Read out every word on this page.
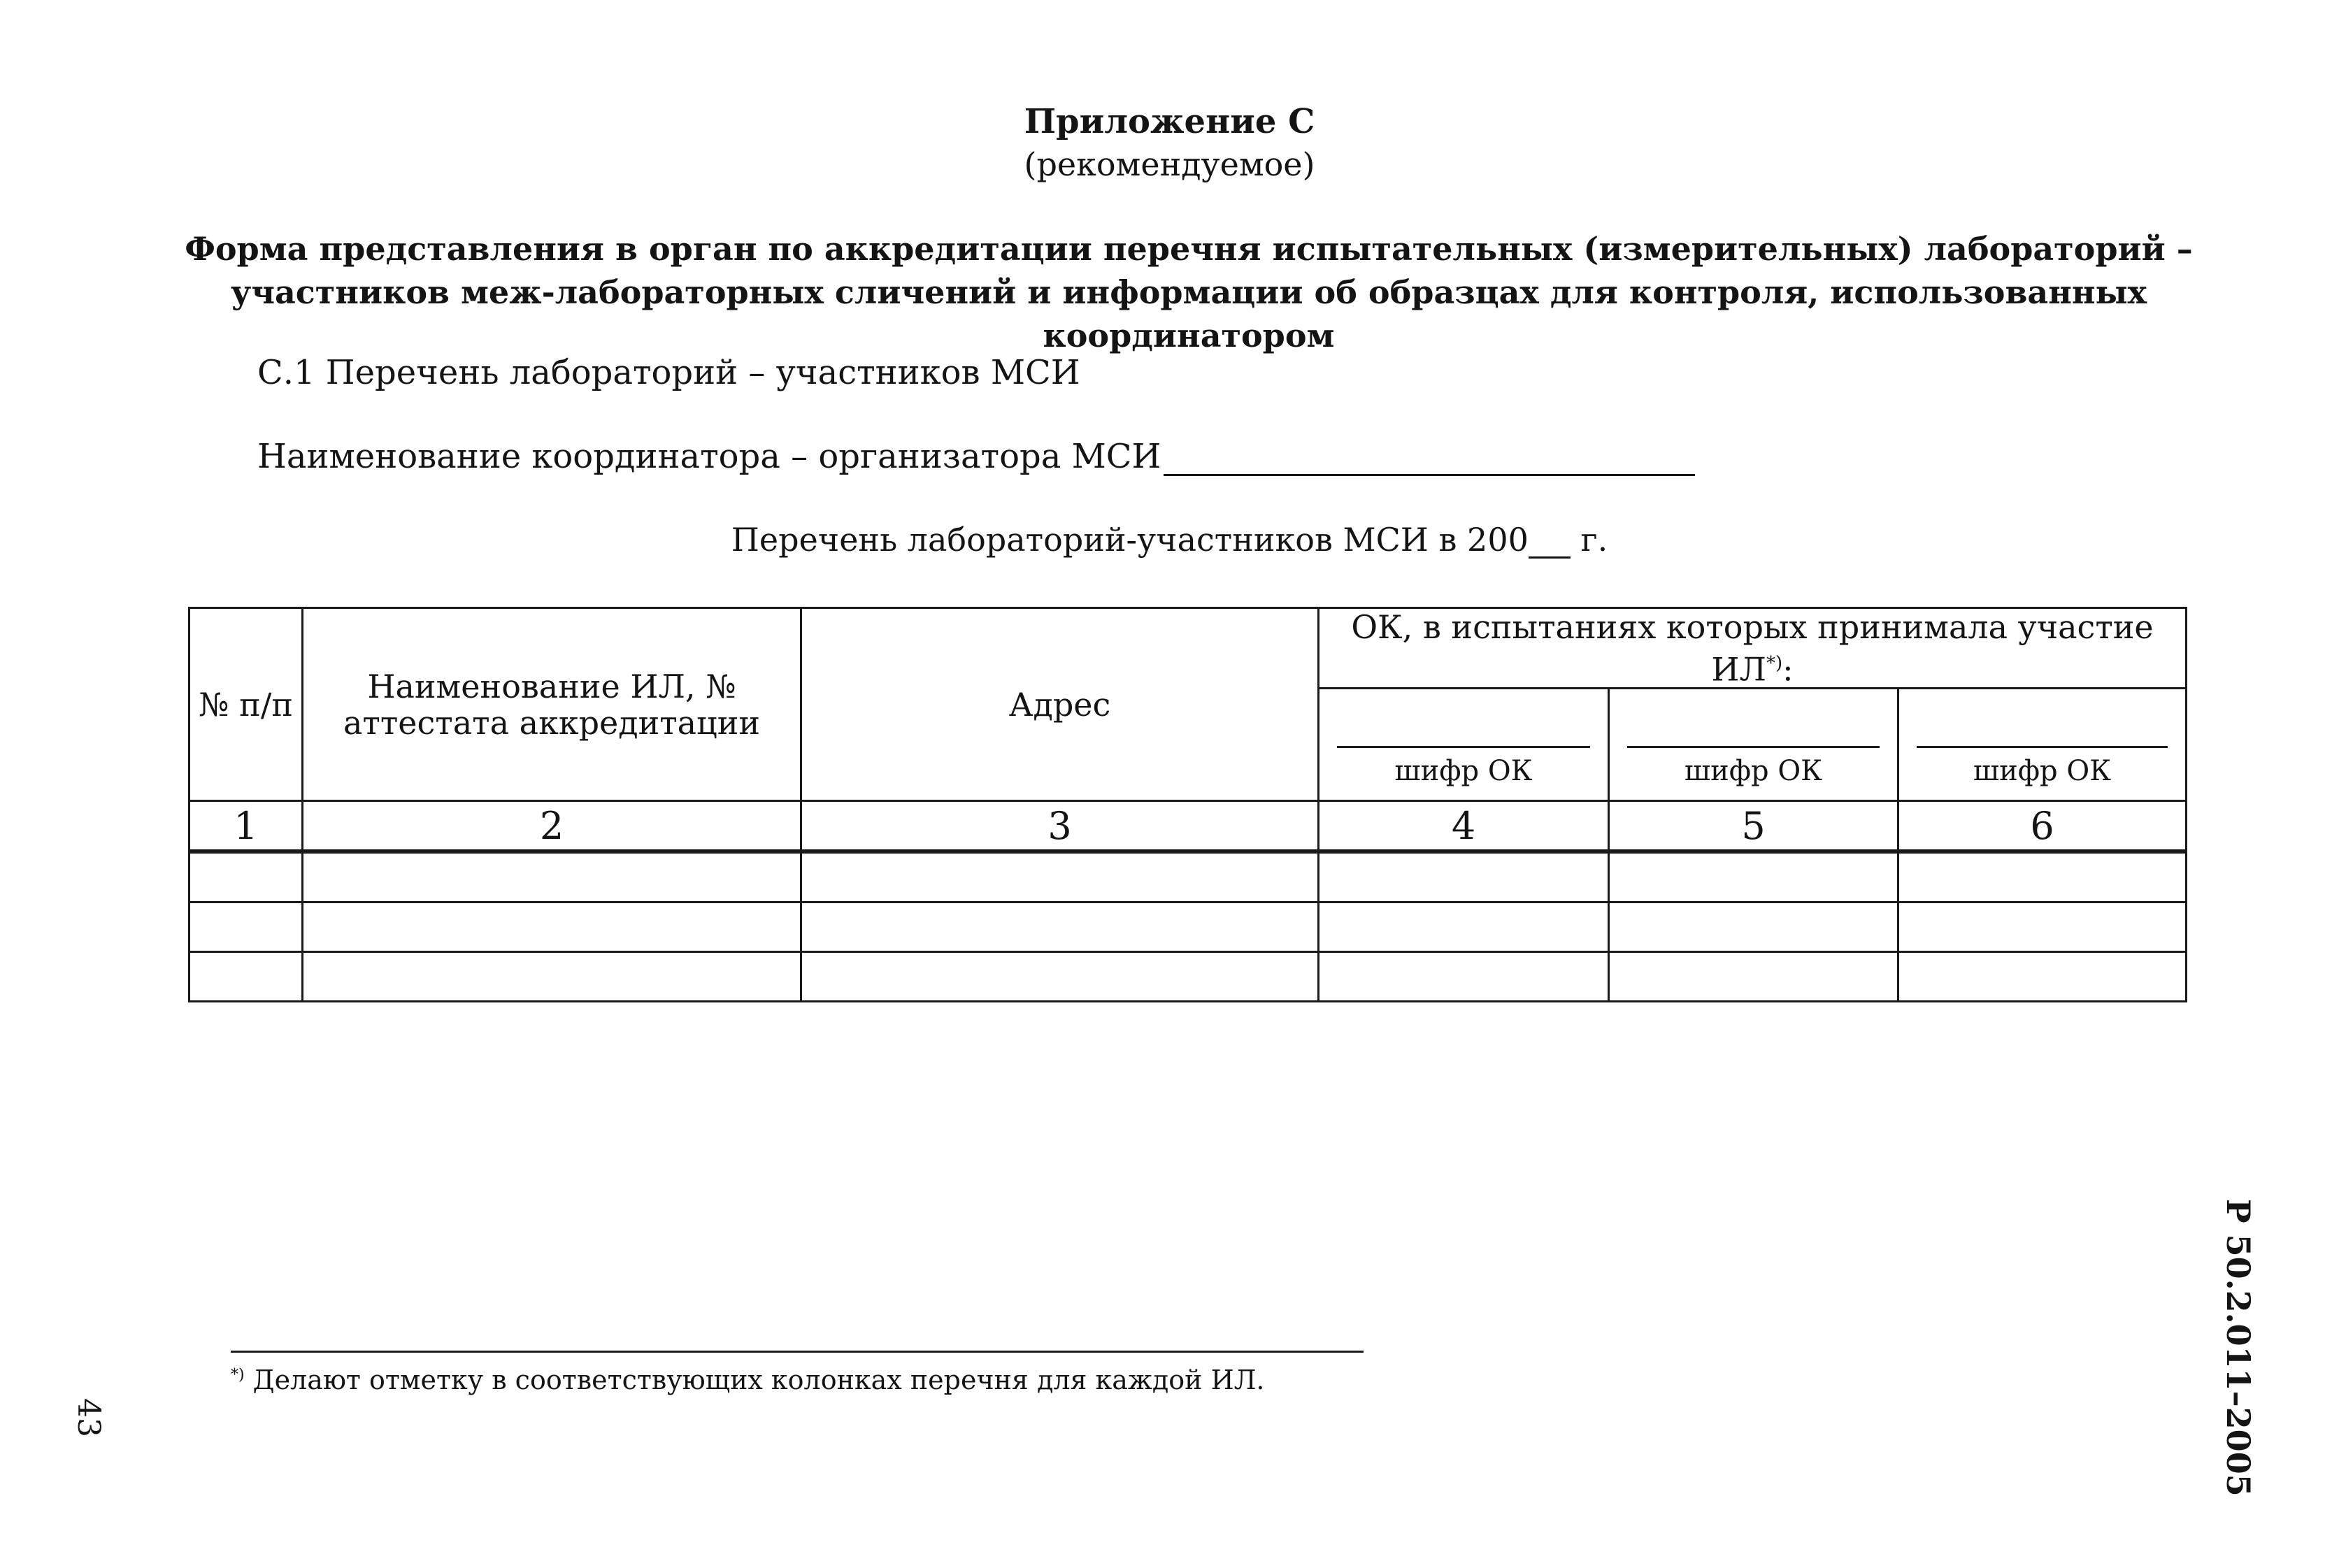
Приложение С
(рекомендуемое)
Форма представления в орган по аккредитации перечня испытательных (измерительных) лабораторий – участников меж-лабораторных сличений и информации об образцах для контроля, использованных координатором
С.1 Перечень лабораторий – участников МСИ
Наименование координатора – организатора МСИ
Перечень лабораторий-участников МСИ в 200 г.
№ п/п	Наименование ИЛ, № аттестата аккредитации	Адрес	ОК, в испытаниях которых принимала участие ИЛ*):		

шифр ОК	шифр ОК	шифр ОК
1	2	3	4	5	6

*) Делают отметку в соответствующих колонках перечня для каждой ИЛ.
43	Р 50.2.011–2005
